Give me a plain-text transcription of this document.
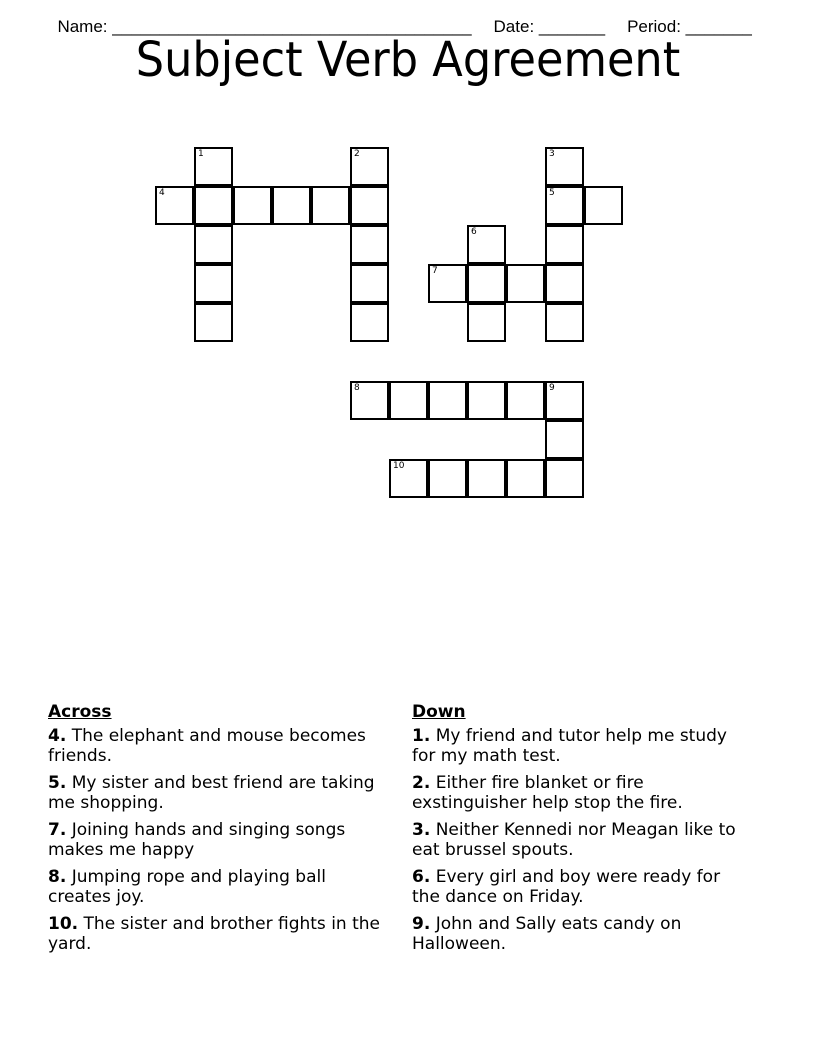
Name: ______________________________________ Date: _______ Period: _______

Subject Verb Agreement
1	2	3
4	5
6
7
8	9
10
Across
4. The elephant and mouse becomes friends.
5. My sister and best friend are taking me shopping.
7. Joining hands and singing songs makes me happy
8. Jumping rope and playing ball creates joy.
10. The sister and brother fights in the yard.
Down
1. My friend and tutor help me study for my math test.
2. Either fire blanket or fire exstinguisher help stop the fire.
3. Neither Kennedi nor Meagan like to eat brussel spouts.
6. Every girl and boy were ready for the dance on Friday.
9. John and Sally eats candy on Halloween.
